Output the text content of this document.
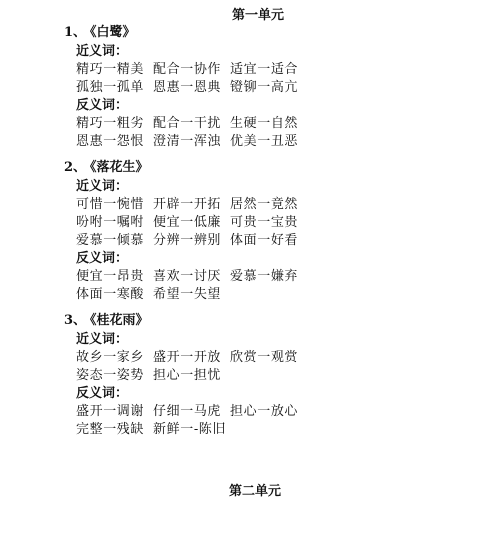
第一单元
1、 《白鹭》
近义词：
精巧一精美 配合一协作 适宜一适合
孤独一孤单 恩惠一恩典 镫铆一高亢
反义词：
精巧一粗劣 配合一干扰 生硬一自然
恩惠一怨恨 澄清一浑浊 优美一丑恶
2、 《落花生》
近义词：
可惜一惋惜 开辟一开拓 居然一竟然
吩咐一嘱咐 便宜一低廉 可贵一宝贵
爱慕一倾慕 分辨一辨别 体面一好看
反义词：
便宜一昂贵 喜欢一讨厌 爱慕一嫌弃
体面一寒酸 希望一失望
3、 《桂花雨》
近义词：
故乡一家乡 盛开一开放 欣赏一观赏
姿态一姿势 担心一担忧
反义词：
盛开一调谢 仔细一马虎 担心一放心
完整一残缺 新鲜一-陈旧
第二单元
